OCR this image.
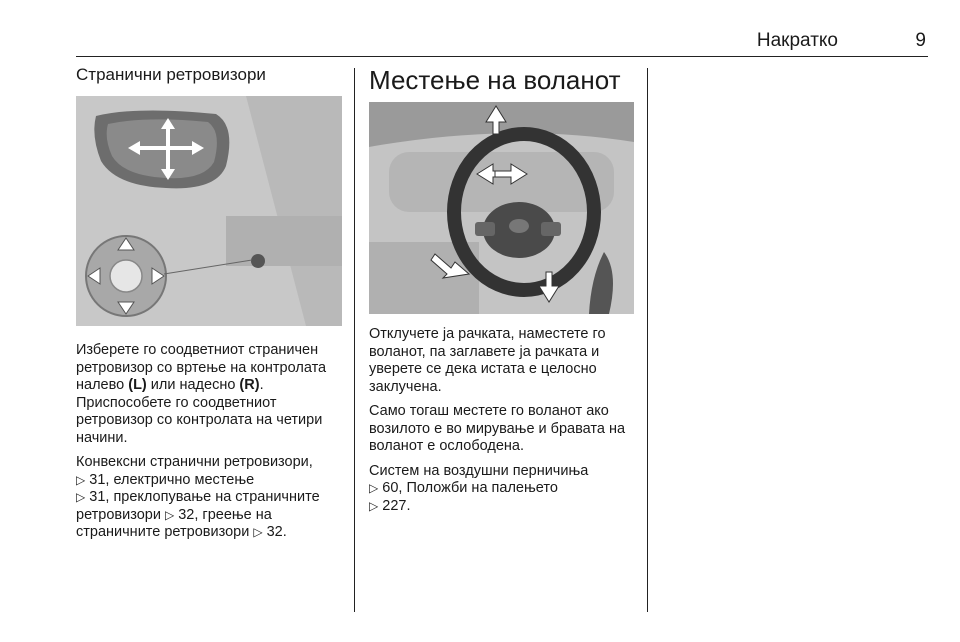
Накратко	9
Странични ретровизори

Изберете го соодветниот страничен ретровизор со вртење на контролата налево (L) или надесно (R). Приспособете го соодветниот ретровизор со контролата на четири начини.

Конвексни странични ретровизори,
▷ 31, електрично местење
▷ 31, преклопување на страничните ретровизори ▷ 32, греење на страничните ретровизори ▷ 32.

Местење на воланот

Отклучете ја рачката, наместете го воланот, па заглавете ја рачката и уверете се дека истата е целосно заклучена.

Само тогаш местете го воланот ако возилото е во мирување и бравата на воланот е ослободена.

Систем на воздушни перничиња
▷ 60, Положби на палењето
▷ 227.
